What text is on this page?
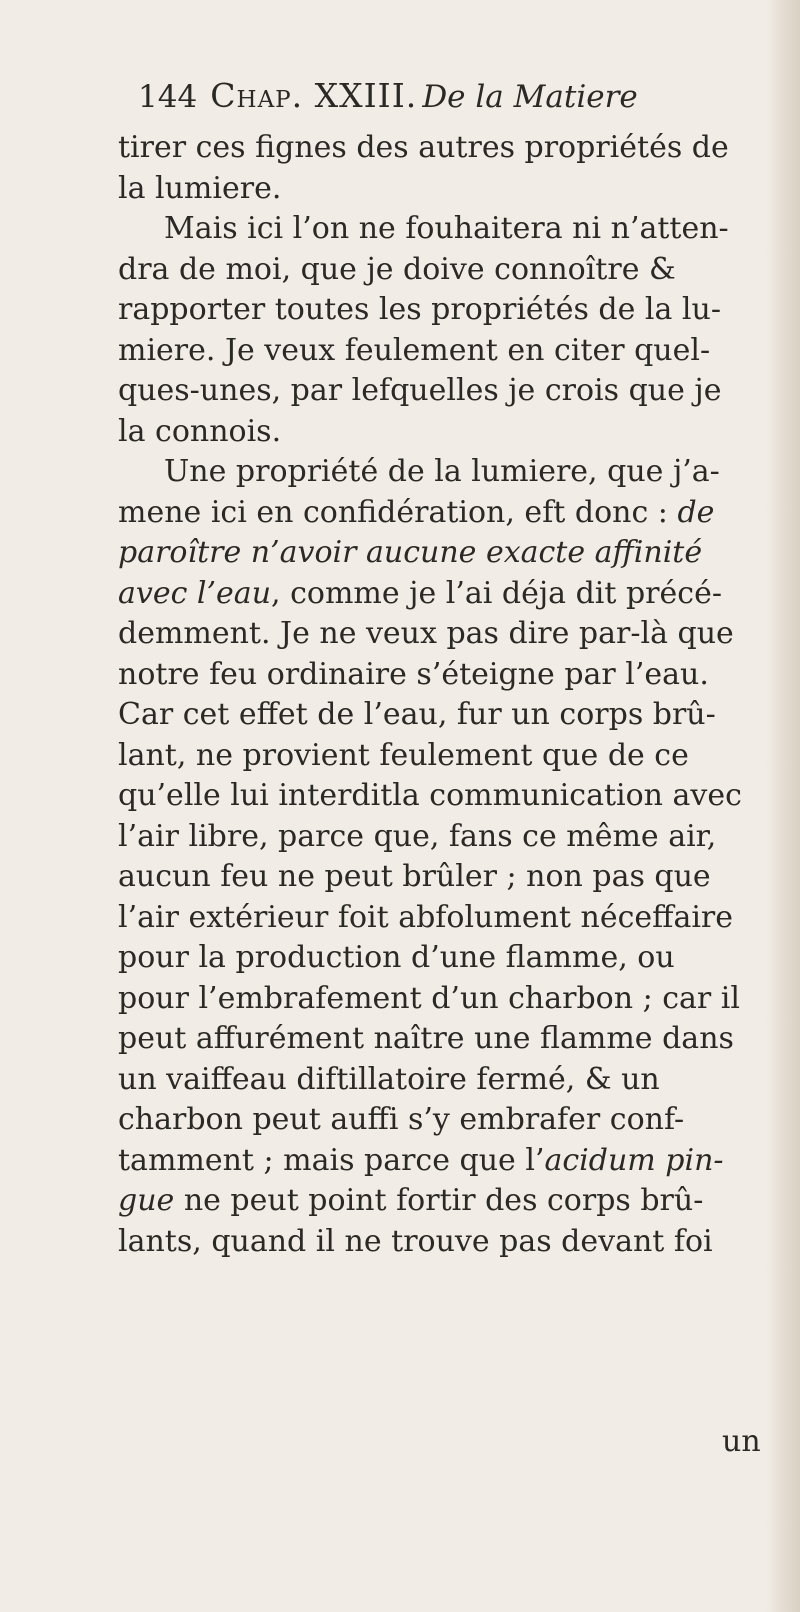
144 Chap. XXIII. De la Matiere
tirer ces fignes des autres propriétés de
la lumiere.
Mais ici l’on ne fouhaitera ni n’atten-
dra de moi, que je doive connoître &
rapporter toutes les propriétés de la lu-
miere. Je veux feulement en citer quel-
ques-unes, par lefquelles je crois que je
la connois.
Une propriété de la lumiere, que j’a-
mene ici en confidération, eft donc : de
paroître n’avoir aucune exacte affinité
avec l’eau, comme je l’ai déja dit précé-
demment. Je ne veux pas dire par-là que
notre feu ordinaire s’éteigne par l’eau.
Car cet effet de l’eau, fur un corps brû-
lant, ne provient feulement que de ce
qu’elle lui interditla communication avec
l’air libre, parce que, fans ce même air,
aucun feu ne peut brûler ; non pas que
l’air extérieur foit abfolument néceffaire
pour la production d’une flamme, ou
pour l’embrafement d’un charbon ; car il
peut affurément naître une flamme dans
un vaiffeau diftillatoire fermé, & un
charbon peut auffi s’y embrafer conf-
tamment ; mais parce que l’acidum pin-
gue ne peut point fortir des corps brû-
lants, quand il ne trouve pas devant foi
un
